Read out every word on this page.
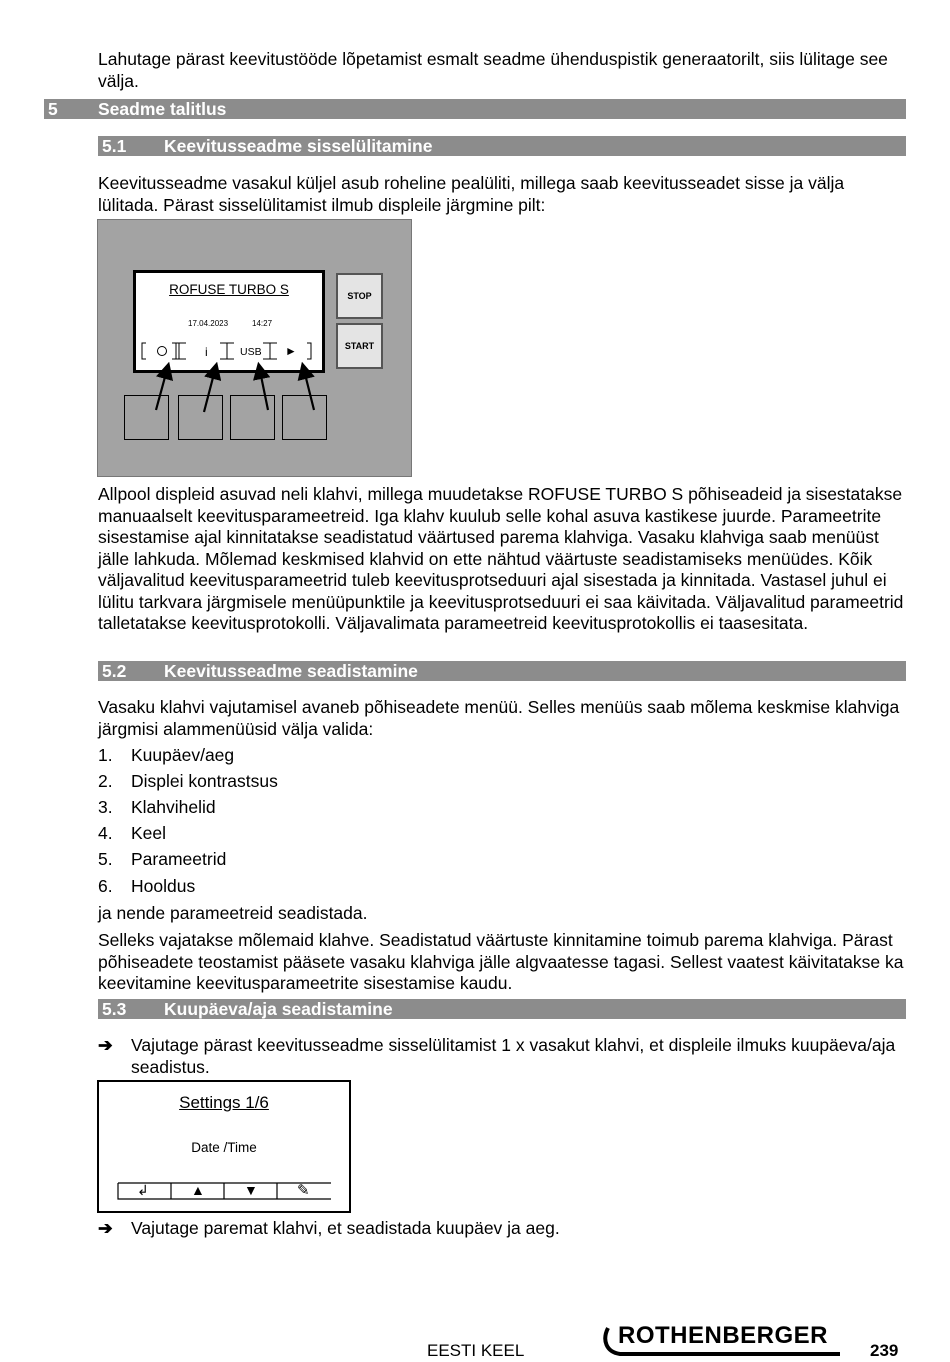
Lahutage pärast keevitustööde lõpetamist esmalt seadme ühenduspistik generaatorilt, siis lülitage see välja.

5 Seadme talitlus
5.1 Keevitusseadme sisselülitamine

Keevitusseadme vasakul küljel asub roheline pealüliti, millega saab keevitusseadet sisse ja välja lülitada. Pärast sisselülitamist ilmub displeile järgmine pilt:

ROFUSE TURBO S
17.04.2023	14:27
i	USB ►
STOP
START

Allpool displeid asuvad neli klahvi, millega muudetakse ROFUSE TURBO S põhiseadeid ja sisestatakse manuaalselt keevitusparameetreid. Iga klahv kuulub selle kohal asuva kastikese juurde. Parameetrite sisestamise ajal kinnitatakse seadistatud väärtused parema klahviga. Vasaku klahviga saab menüüst jälle lahkuda. Mõlemad keskmised klahvid on ette nähtud väärtuste seadistamiseks menüüdes. Kõik väljavalitud keevitusparameetrid tuleb keevitusprotseduuri ajal sisestada ja kinnitada. Vastasel juhul ei lülitu tarkvara järgmisele menüüpunktile ja keevitusprotseduuri ei saa käivitada. Väljavalitud parameetrid talletatakse keevitusprotokolli. Väljavalimata parameetreid keevitusprotokollis ei taasesitata.

5.2 Keevitusseadme seadistamine

Vasaku klahvi vajutamisel avaneb põhiseadete menüü. Selles menüüs saab mõlema keskmise klahviga järgmisi alammenüüsid välja valida:

1. Kuupäev/aeg
2. Displei kontrastsus
3. Klahvihelid
4. Keel
5. Parameetrid
6. Hooldus

ja nende parameetreid seadistada.

Selleks vajatakse mõlemaid klahve. Seadistatud väärtuste kinnitamine toimub parema klahviga. Pärast põhiseadete teostamist pääsete vasaku klahviga jälle algvaatesse tagasi. Sellest vaatest käivitatakse ka keevitamine keevitusparameetrite sisestamise kaudu.

5.3 Kuupäeva/aja seadistamine
➔ Vajutage pärast keevitusseadme sisselülitamist 1 x vasakut klahvi, et displeile ilmuks kuupäeva/aja seadistus.
Settings 1/6
Date /Time
↲	▲	▼	✎
➔ Vajutage paremat klahvi, et seadistada kuupäev ja aeg.
EESTI KEEL
ROTHENBERGER
239
